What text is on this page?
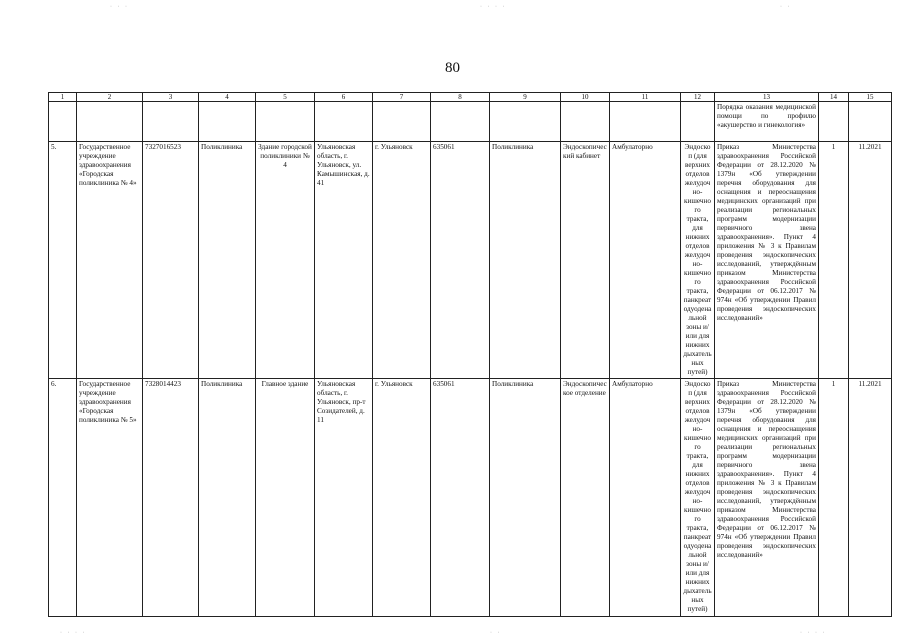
80
· · ·	· · · ·	· ·
1	2	3	4	5	6	7	8	9	10	11	12	13	14	15
												Порядка оказания медицинской помощи по профилю «акушерство и гинекология»		
5.	Государственное учреждение здравоохранения «Городская поликлиника № 4»	7327016523	Поликлиника	Здание городской поликлиники № 4	Ульяновская область, г. Ульяновск, ул. Камышинская, д. 41	г. Ульяновск	635061	Поликлиника	Эндоскопический кабинет	Амбулаторно	Эндоскоп (для верхних отделов желудочно-кишечного тракта, для нижних отделов желудочно-кишечного тракта, панкреатодуоденальной зоны и/или для нижних дыхательных путей)	Приказ Министерства здравоохранения Российской Федерации от 28.12.2020 № 1379н «Об утверждении перечня оборудования для оснащения и переоснащения медицинских организаций при реализации региональных программ модернизации первичного звена здравоохранения». Пункт 4 приложения № 3 к Правилам проведения эндоскопических исследований, утверждённым приказом Министерства здравоохранения Российской Федерации от 06.12.2017 № 974н «Об утверждении Правил проведения эндоскопических исследований»	1	11.2021
6.	Государственное учреждение здравоохранения «Городская поликлиника № 5»	7328014423	Поликлиника	Главное здание	Ульяновская область, г. Ульяновск, пр-т Созидателей, д. 11	г. Ульяновск	635061	Поликлиника	Эндоскопическое отделение	Амбулаторно	Эндоскоп (для верхних отделов желудочно-кишечного тракта, для нижних отделов желудочно-кишечного тракта, панкреатодуоденальной зоны и/или для нижних дыхательных путей)	Приказ Министерства здравоохранения Российской Федерации от 28.12.2020 № 1379н «Об утверждении перечня оборудования для оснащения и переоснащения медицинских организаций при реализации региональных программ модернизации первичного звена здравоохранения». Пункт 4 приложения № 3 к Правилам проведения эндоскопических исследований, утверждённым приказом Министерства здравоохранения Российской Федерации от 06.12.2017 № 974н «Об утверждении Правил проведения эндоскопических исследований»	1	11.2021
· · · ·	· ·	· · · ·
